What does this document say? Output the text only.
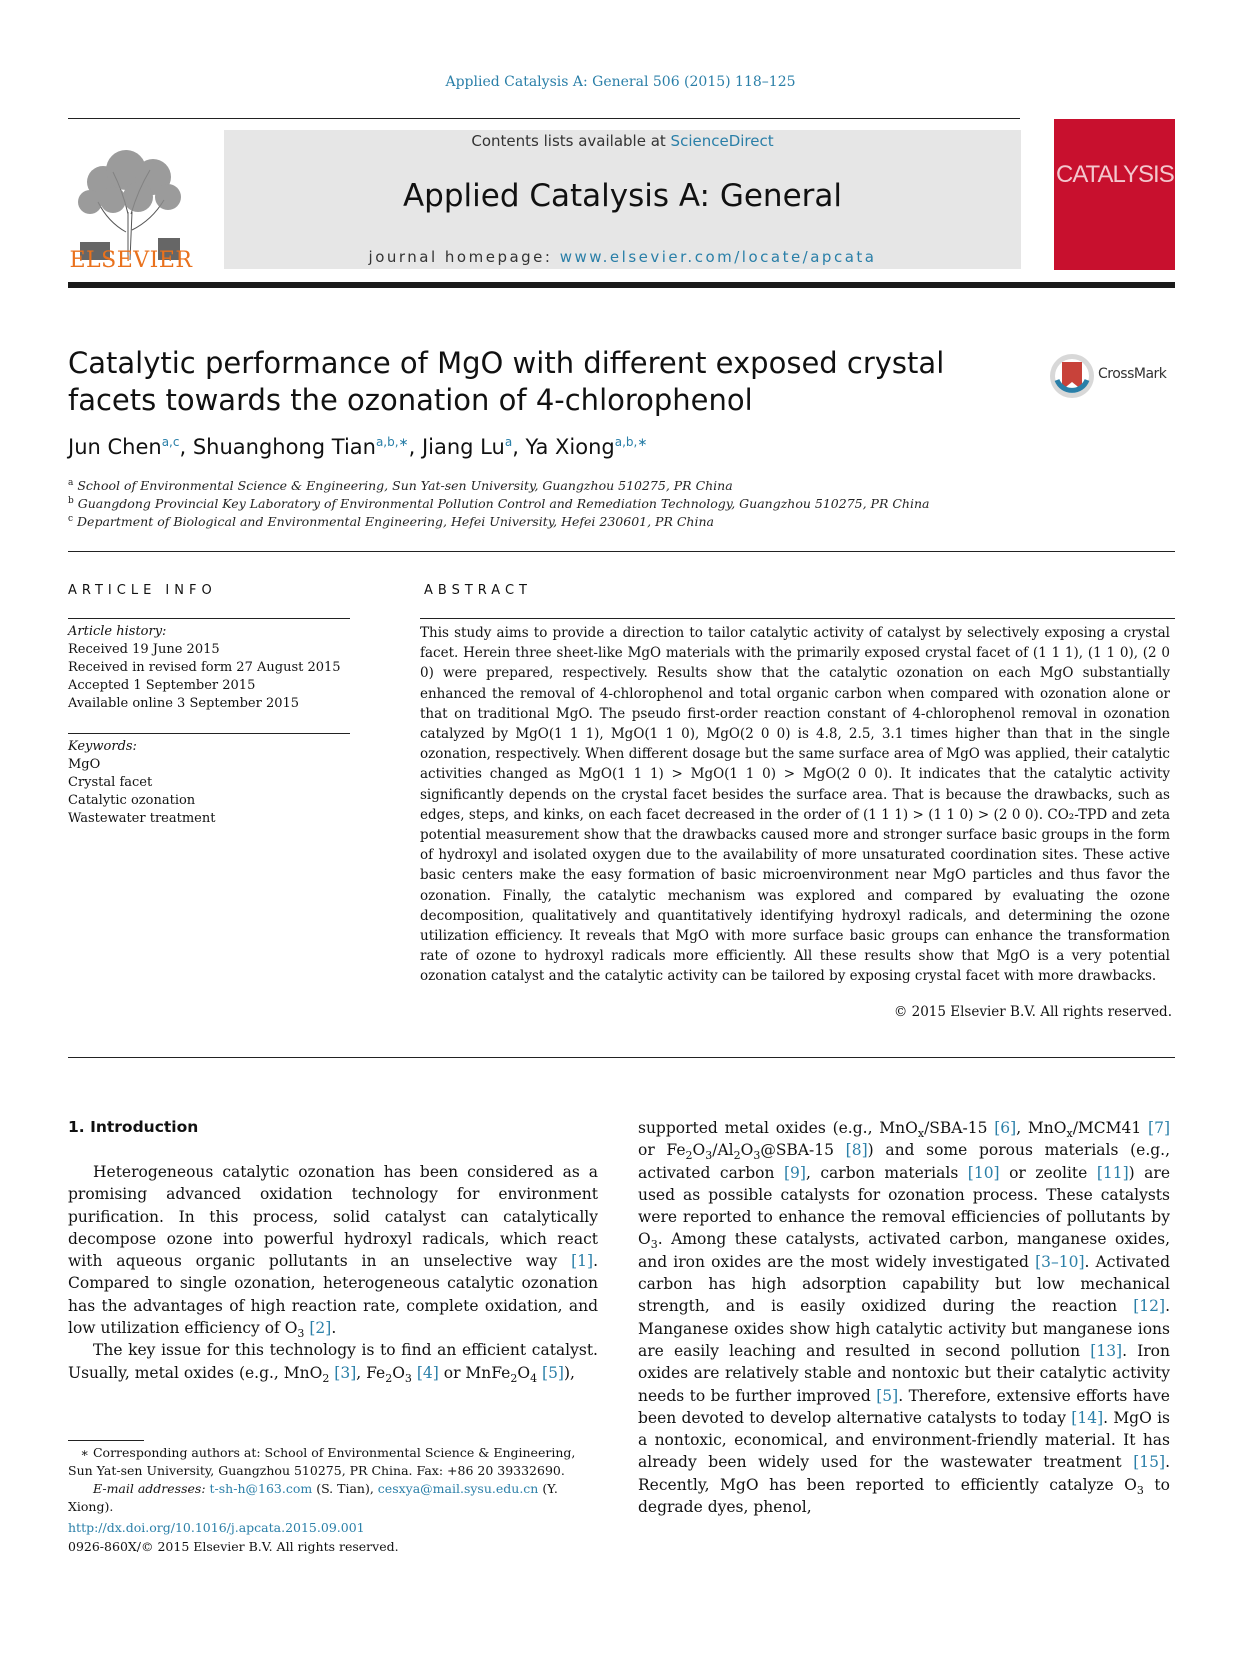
Applied Catalysis A: General 506 (2015) 118–125
ELSEVIER
Contents lists available at ScienceDirect
Applied Catalysis A: General
journal homepage: www.elsevier.com/locate/apcata
CATALYSIS
Catalytic performance of MgO with different exposed crystal facets towards the ozonation of 4-chlorophenol
CrossMark
Jun Chen$^{a,c}$, Shuanghong Tian$^{a,b,∗}$, Jiang Lu$^a$, Ya Xiong$^{a,b,∗}$
$^a$ School of Environmental Science & Engineering, Sun Yat-sen University, Guangzhou 510275, PR China
$^b$ Guangdong Provincial Key Laboratory of Environmental Pollution Control and Remediation Technology, Guangzhou 510275, PR China
$^c$ Department of Biological and Environmental Engineering, Hefei University, Hefei 230601, PR China
ARTICLE INFO	ABSTRACT
Article history:
Received 19 June 2015
Received in revised form 27 August 2015
Accepted 1 September 2015
Available online 3 September 2015
Keywords:
MgO
Crystal facet
Catalytic ozonation
Wastewater treatment
This study aims to provide a direction to tailor catalytic activity of catalyst by selectively exposing a crystal facet. Herein three sheet-like MgO materials with the primarily exposed crystal facet of (1 1 1), (1 1 0), (2 0 0) were prepared, respectively. Results show that the catalytic ozonation on each MgO substantially enhanced the removal of 4-chlorophenol and total organic carbon when compared with ozonation alone or that on traditional MgO. The pseudo first-order reaction constant of 4-chlorophenol removal in ozonation catalyzed by MgO(1 1 1), MgO(1 1 0), MgO(2 0 0) is 4.8, 2.5, 3.1 times higher than that in the single ozonation, respectively. When different dosage but the same surface area of MgO was applied, their catalytic activities changed as MgO(1 1 1) > MgO(1 1 0) > MgO(2 0 0). It indicates that the catalytic activity significantly depends on the crystal facet besides the surface area. That is because the drawbacks, such as edges, steps, and kinks, on each facet decreased in the order of (1 1 1) > (1 1 0) > (2 0 0). CO₂-TPD and zeta potential measurement show that the drawbacks caused more and stronger surface basic groups in the form of hydroxyl and isolated oxygen due to the availability of more unsaturated coordination sites. These active basic centers make the easy formation of basic microenvironment near MgO particles and thus favor the ozonation. Finally, the catalytic mechanism was explored and compared by evaluating the ozone decomposition, qualitatively and quantitatively identifying hydroxyl radicals, and determining the ozone utilization efficiency. It reveals that MgO with more surface basic groups can enhance the transformation rate of ozone to hydroxyl radicals more efficiently. All these results show that MgO is a very potential ozonation catalyst and the catalytic activity can be tailored by exposing crystal facet with more drawbacks.
© 2015 Elsevier B.V. All rights reserved.
1. Introduction

Heterogeneous catalytic ozonation has been considered as a promising advanced oxidation technology for environment purification. In this process, solid catalyst can catalytically decompose ozone into powerful hydroxyl radicals, which react with aqueous organic pollutants in an unselective way [1]. Compared to single ozonation, heterogeneous catalytic ozonation has the advantages of high reaction rate, complete oxidation, and low utilization efficiency of $O_3$ [2].

The key issue for this technology is to find an efficient catalyst. Usually, metal oxides (e.g., MnO$_2$ [3], $Fe_2O_3$ [4] or $MnFe_2O_4$ [5]),

supported metal oxides (e.g., MnO$_x$/SBA-15 [6], MnO$_x$/MCM41 [7] or $Fe_2O_3/Al_2O_3@SBA-15$ [8]) and some porous materials (e.g., activated carbon [9], carbon materials [10] or zeolite [11]) are used as possible catalysts for ozonation process. These catalysts were reported to enhance the removal efficiencies of pollutants by $O_3$. Among these catalysts, activated carbon, manganese oxides, and iron oxides are the most widely investigated [3–10]. Activated carbon has high adsorption capability but low mechanical strength, and is easily oxidized during the reaction [12]. Manganese oxides show high catalytic activity but manganese ions are easily leaching and resulted in second pollution [13]. Iron oxides are relatively stable and nontoxic but their catalytic activity needs to be further improved [5]. Therefore, extensive efforts have been devoted to develop alternative catalysts to today [14]. MgO is a nontoxic, economical, and environment-friendly material. It has already been widely used for the wastewater treatment [15]. Recently, MgO has been reported to efficiently catalyze $O_3$ to degrade dyes, phenol,

 ∗ Corresponding authors at: School of Environmental Science & Engineering, Sun Yat-sen University, Guangzhou 510275, PR China. Fax: +86 20 39332690.
  E-mail addresses: t-sh-h@163.com (S. Tian), cesxya@mail.sysu.edu.cn (Y. Xiong).
http://dx.doi.org/10.1016/j.apcata.2015.09.001
0926-860X/© 2015 Elsevier B.V. All rights reserved.
